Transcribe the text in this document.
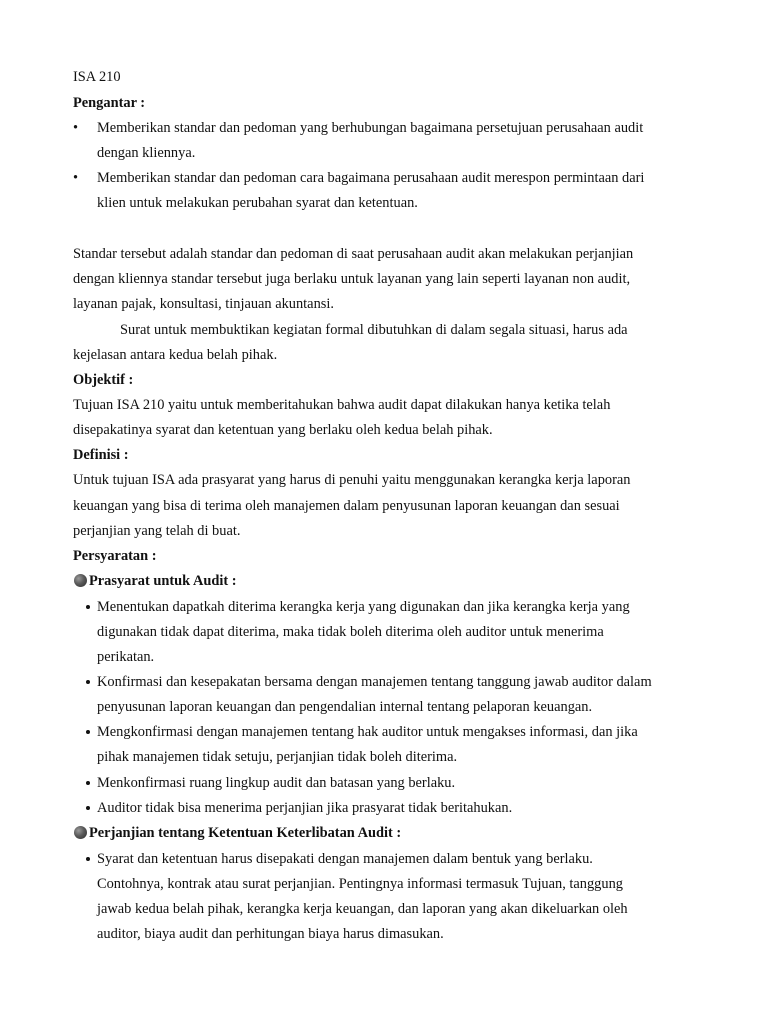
ISA 210
Pengantar :
• Memberikan standar dan pedoman yang berhubungan bagaimana persetujuan perusahaan audit
dengan kliennya.
• Memberikan standar dan pedoman cara bagaimana perusahaan audit merespon permintaan dari
klien untuk melakukan perubahan syarat dan ketentuan.
Standar tersebut adalah standar dan pedoman di saat perusahaan audit akan melakukan perjanjian
dengan kliennya standar tersebut juga berlaku untuk layanan yang lain seperti layanan non audit,
layanan pajak, konsultasi, tinjauan akuntansi.
Surat untuk membuktikan kegiatan formal dibutuhkan di dalam segala situasi, harus ada
kejelasan antara kedua belah pihak.
Objektif :
Tujuan ISA 210 yaitu untuk memberitahukan bahwa audit dapat dilakukan hanya ketika telah
disepakatinya syarat dan ketentuan yang berlaku oleh kedua belah pihak.
Definisi :
Untuk tujuan ISA ada prasyarat yang harus di penuhi yaitu menggunakan kerangka kerja laporan
keuangan yang bisa di terima oleh manajemen dalam penyusunan laporan keuangan dan sesuai
perjanjian yang telah di buat.
Persyaratan :
Prasyarat untuk Audit :
Menentukan dapatkah diterima kerangka kerja yang digunakan dan jika kerangka kerja yang
digunakan tidak dapat diterima, maka tidak boleh diterima oleh auditor untuk menerima
perikatan.
Konfirmasi dan kesepakatan bersama dengan manajemen tentang tanggung jawab auditor dalam
penyusunan laporan keuangan dan pengendalian internal tentang pelaporan keuangan.
Mengkonfirmasi dengan manajemen tentang hak auditor untuk mengakses informasi, dan jika
pihak manajemen tidak setuju, perjanjian tidak boleh diterima.
Menkonfirmasi ruang lingkup audit dan batasan yang berlaku.
Auditor tidak bisa menerima perjanjian jika prasyarat tidak beritahukan.
Perjanjian tentang Ketentuan Keterlibatan Audit :
Syarat dan ketentuan harus disepakati dengan manajemen dalam bentuk yang berlaku.
Contohnya, kontrak atau surat perjanjian. Pentingnya informasi termasuk Tujuan, tanggung
jawab kedua belah pihak, kerangka kerja keuangan, dan laporan yang akan dikeluarkan oleh
auditor, biaya audit dan perhitungan biaya harus dimasukan.
